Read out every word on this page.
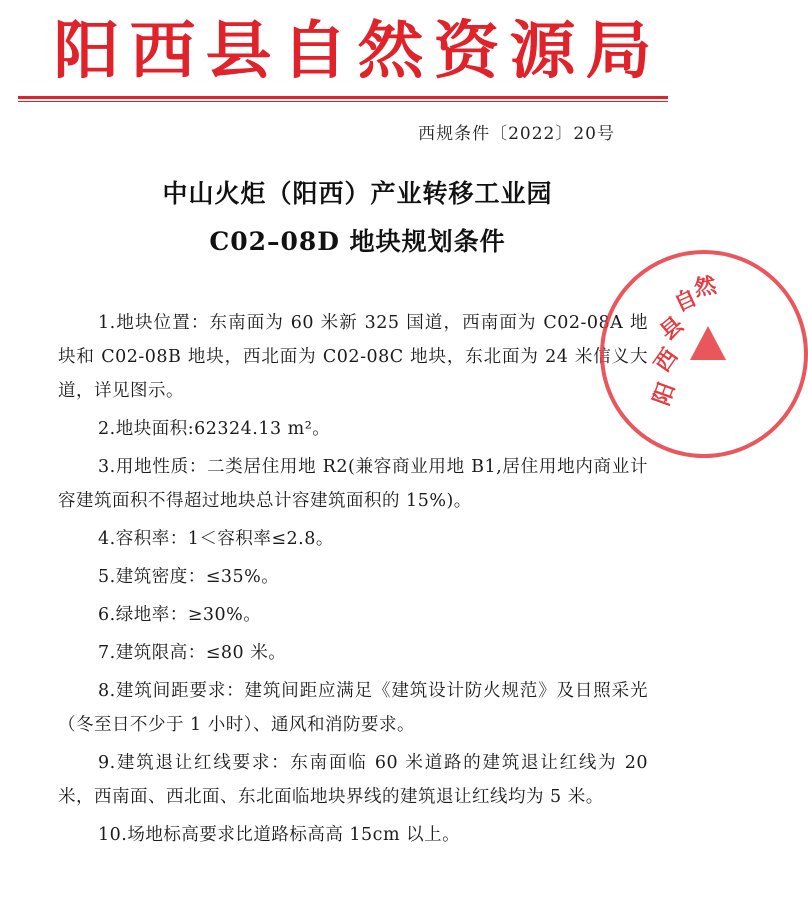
阳西县自然资源局
西规条件〔2022〕20号
中山火炬（阳西）产业转移工业园
C02–08D 地块规划条件

1.地块位置：东南面为 60 米新 325 国道，西南面为 C02-08A 地块和 C02-08B 地块，西北面为 C02-08C 地块，东北面为 24 米信义大道，详见图示。

2.地块面积:62324.13 m²。

3.用地性质：二类居住用地 R2(兼容商业用地 B1,居住用地内商业计容建筑面积不得超过地块总计容建筑面积的 15%)。

4.容积率：1＜容积率≤2.8。

5.建筑密度：≤35%。

6.绿地率：≥30%。

7.建筑限高：≤80 米。

8.建筑间距要求：建筑间距应满足《建筑设计防火规范》及日照采光（冬至日不少于 1 小时）、通风和消防要求。

9.建筑退让红线要求：东南面临 60 米道路的建筑退让红线为 20 米，西南面、西北面、东北面临地块界线的建筑退让红线均为 5 米。

10.场地标高要求比道路标高高 15cm 以上。

阳
西
县
自
然
